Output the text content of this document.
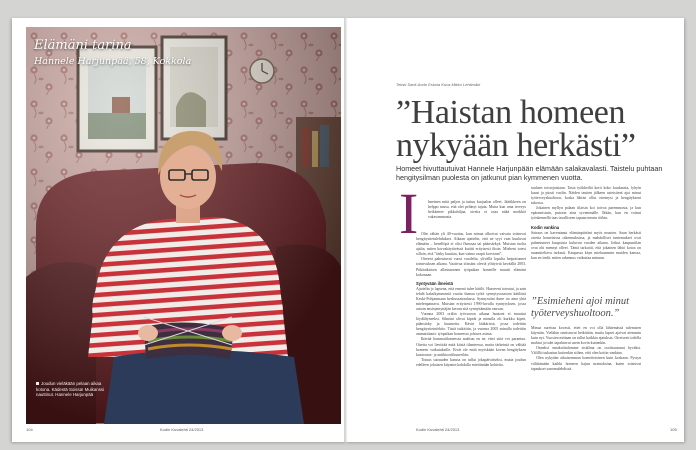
Elämäni tarina

Hannele Harjunpää, 58, Kokkola

Joudun vieläkään pelaan aikaa kotona. Kädestä Soissa! Muikanssi nauttinut. Hannele Harjunpää
104	Kodin Kuvalehti 24/2013	Kodin Kuvalehti 24/2013	105
Teksti Sanli-Aodo Eskola Kuva Mikko Lehtimäki
”Haistan homeen nykyään herkästi”

Homeet hivuttautuivat Hannele Harjunpään elämään salakavalasti. Taistelu puhtaan hengitysilman puolesta on jatkunut pian kymmenen vuotta.

I lmeinen mitä paljon ja tuttuu karjaalon olleet. Jäätikkeen on helppo nassu, että olet pelänyt tajuta. Mutta kun oma terveys heikkenee pikkuhiljaa, oireita ei osaa näkä merkkiä vakavammasta.

Olin vähän yli 40-vuotias, kun minua alkoivat vaivata toistuvat hengitystietulehdukset. Aikaan ajattelin, että ne syyt vain kuuluvat elämään – kenellöpä ei olisi flunssaa tai päänsärkyä. Muistan tuolta ajalta, miten korvakäytävässä kutitti erityisesti iltoin. Mieheni totesi silloin, että ”täsky kuuttaa, kun vaimo raapii korviaan”.

Oireeni paheutuvat vuosi vuodelta, ylivällä lopulta heipottuneet toimivuksen aikana. Vaativaa töissäni oleviä ylittyivät keväällä 2003. Pitkäaikaisen allastuminen työpaikan homeille muutti elämäni kokonaan.

Syntyvään ilmeistä

Ajattelin jo lapsena, että ensenä tulee kätilö. Haaveeni toteutui, ja sain tehdä kaksikymmentä vuotta ihanaa työtä synnytysosaston kätilönä Keski-Pohjanmaan keskussairaalassa. Synnyssäni ihme on aina yhtä mielenpainava. Muistan erityisesti 1990-luvulla synnytyksen, jossa autoin ensisynnyttäjän kerran sitä synnyttämään vauvan.

Vuonna 2003 orälin työvuoron aikana huutoni ei muuttui löydältyneeksi. Silmäni olivat kipeät ja minulla oli kurkku kipeä, päänsärky ja kuumetta. Kävin lääkärissä, jossa todettiin hengitystieinfektio. Tästä tutkittiin, ja vuonna 2005 minulla todettiin ammattitauti: työpaikan homeesta johtuva astma.

Ikävää hommatilanteessa mahtuu en ne, ettei siitä voi parantua. Oireita voi lievittää mitä kiistä tilanteessa, mutta tärkeintä on välttää homeen vaikutuksille. Eivät ole enää myöskään kovan hengityksen kuntoutus- ja antibioottikuureihin.

Totuus sairauden kanssa on tullut jokapäiväiseksi, mutta joudun edelleen jokaisen käynnin kohdalla miettimään kohteita.

tauluen toistojaistaan. Tasta työkkeiliä korti koko kuukautta, lyhyin kausi ja piosti vuolin. Näiden tautien jälkeen osteisiteni ajoi minut työterveyshuoltoon, koska lähtisi ollut oiremyst ja hengitykseni tukossa.

Jokainen myllyn palaan tilaisin koi toivoa paremmasta, ja kun epäonnistuin, putosin aina syvemmälle. Ikkän, kun en voinut työskennellä taas tavalliseen tapaan menin töihin.

Kodin vankina

Sairaus on kaventanut elämänpiiriäni myös muuten. Saan herkästi oireita homeisissa rakennuksissa, ja mahdolliset tuntemukset ovat pahentuneet kaupoista kuluvan vuoden aikana. Jotkut kaupuntilan ovat ohi mennyt olleet. Tämä tarkoitti, että jokainen lähtö kotoa on suunniteltava tarkasti. Kaupassa käyn mieluummin muiden kanssa, kun en tiedä, miten rakennus vaikuttaa minuun.

”Esimieheni ajoi minut työterveyshuoltoon.”

Minua surettaa kovasti, ettei en voi olla lähtemässä tulemisen käyntiin. Vieläkin onnistuvat hetkittäin, mutta lapset ajoivat aiemmin kuin nyt. Vuosien mittaan on tullut kaikkia ajatuksia. Oireisesti todella mahtui ja tulet tapahtuvat usein kovin kuitenkin.

Onneksi omakotitalomme sisäilma on osoittautunut hyväksi. Välillä tuskastun kuitenkin siihen, että olen kotiin vankina.

Olen nykyään aikaisemman hometietoinen kuin koskaan. Pystyn välittämään kaikki homeen hajun mainoksina, kuten toistuvat tapaukset sanomalehdissä.
